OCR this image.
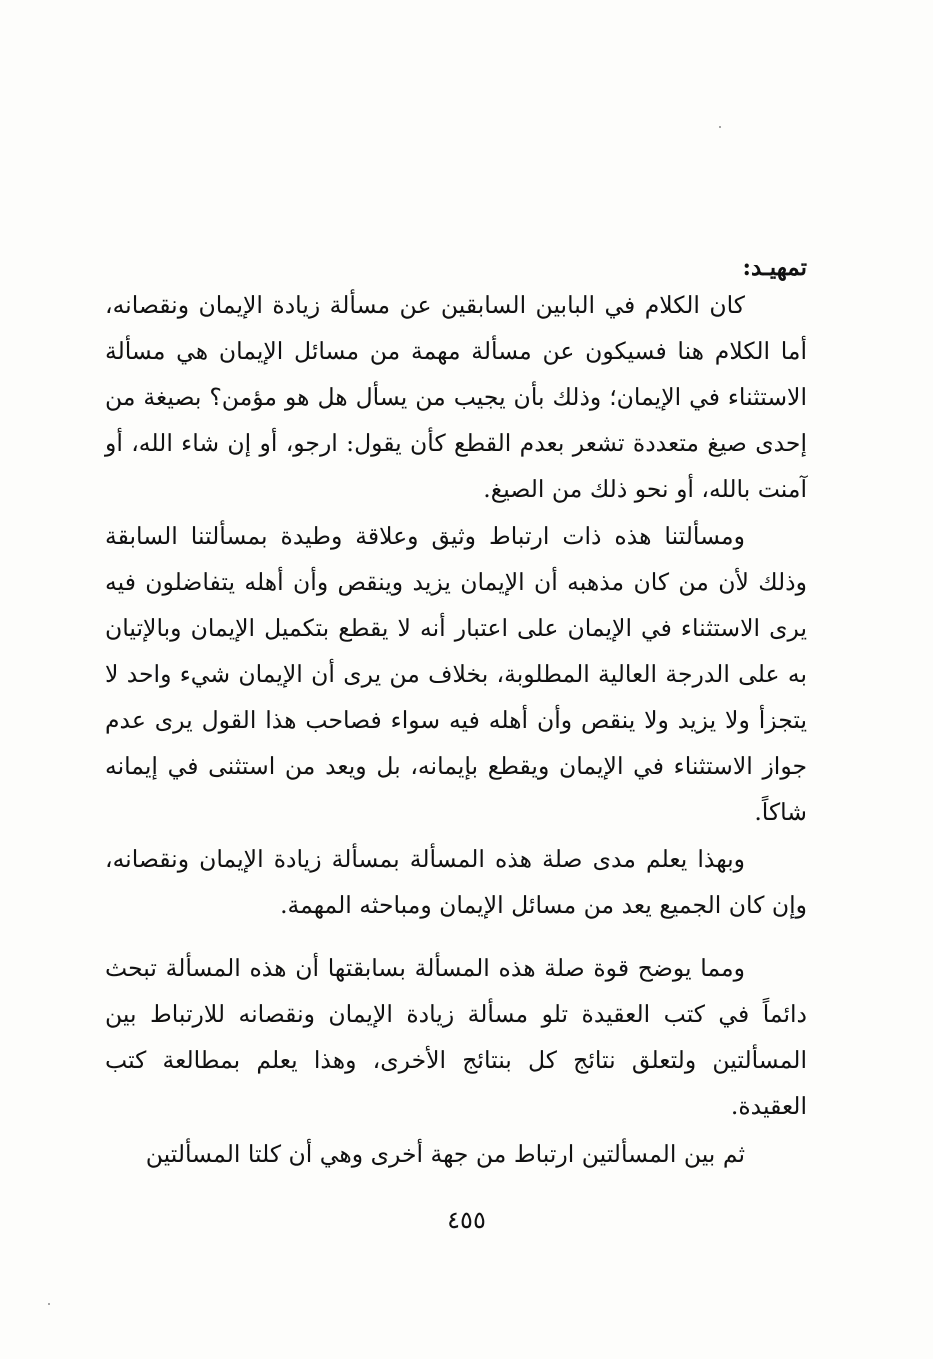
تمهيـد:

كان الكلام في البابين السابقين عن مسألة زيادة الإيمان ونقصانه، أما الكلام هنا فسيكون عن مسألة مهمة من مسائل الإيمان هي مسألة الاستثناء في الإيمان؛ وذلك بأن يجيب من يسأل هل هو مؤمن؟ بصيغة من إحدى صيغ متعددة تشعر بعدم القطع كأن يقول: ارجو، أو إن شاء الله، أو آمنت بالله، أو نحو ذلك من الصيغ.

ومسألتنا هذه ذات ارتباط وثيق وعلاقة وطيدة بمسألتنا السابقة وذلك لأن من كان مذهبه أن الإيمان يزيد وينقص وأن أهله يتفاضلون فيه يرى الاستثناء في الإيمان على اعتبار أنه لا يقطع بتكميل الإيمان وبالإتيان به على الدرجة العالية المطلوبة، بخلاف من يرى أن الإيمان شيء واحد لا يتجزأ ولا يزيد ولا ينقص وأن أهله فيه سواء فصاحب هذا القول يرى عدم جواز الاستثناء في الإيمان ويقطع بإيمانه، بل ويعد من استثنى في إيمانه شاكاً.

وبهذا يعلم مدى صلة هذه المسألة بمسألة زيادة الإيمان ونقصانه، وإن كان الجميع يعد من مسائل الإيمان ومباحثه المهمة.

ومما يوضح قوة صلة هذه المسألة بسابقتها أن هذه المسألة تبحث دائماً في كتب العقيدة تلو مسألة زيادة الإيمان ونقصانه للارتباط بين المسألتين ولتعلق نتائج كل بنتائج الأخرى، وهذا يعلم بمطالعة كتب العقيدة.

ثم بين المسألتين ارتباط من جهة أخرى وهي أن كلتا المسألتين

٤٥٥
